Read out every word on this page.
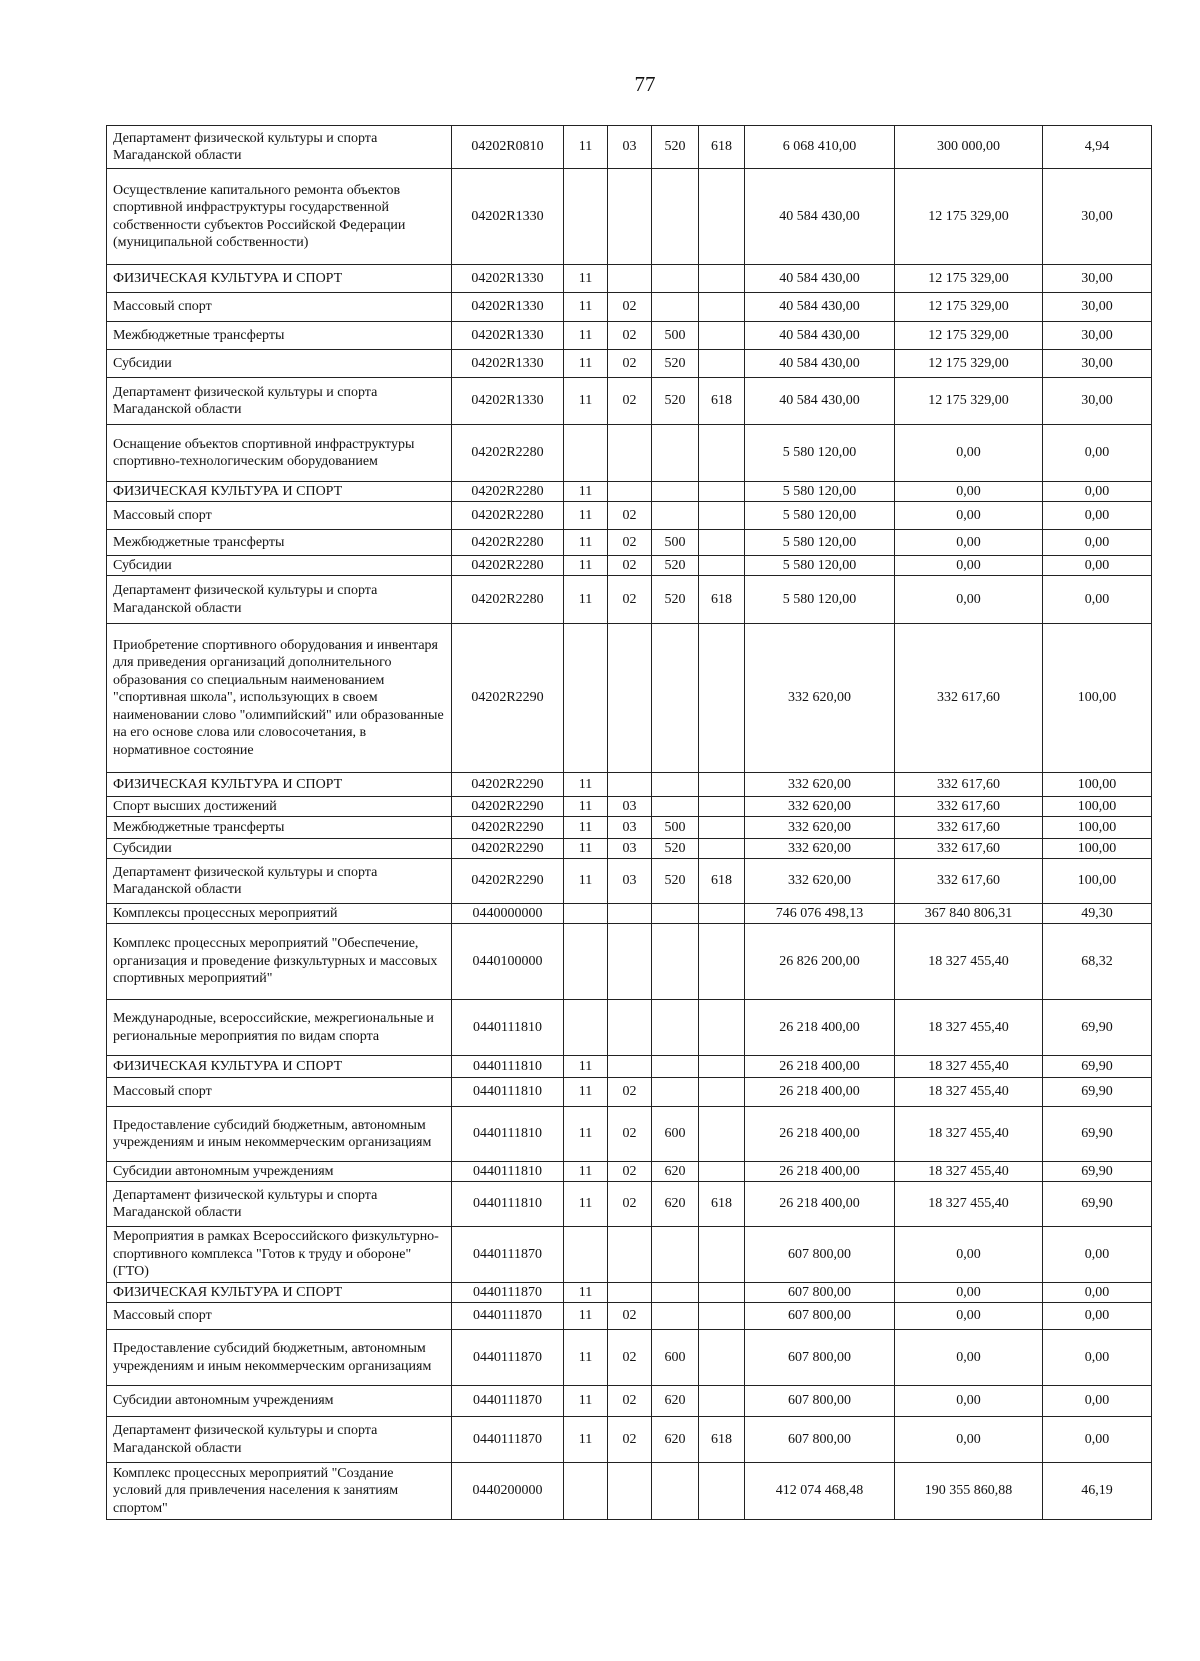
77
Департамент физической культуры и спорта Магаданской области	04202R0810	11	03	520	618	6 068 410,00	300 000,00	4,94
Осуществление капитального ремонта объектов спортивной инфраструктуры государственной собственности субъектов Российской Федерации (муниципальной собственности)	04202R1330					40 584 430,00	12 175 329,00	30,00
ФИЗИЧЕСКАЯ КУЛЬТУРА И СПОРТ	04202R1330	11				40 584 430,00	12 175 329,00	30,00
Массовый спорт	04202R1330	11	02			40 584 430,00	12 175 329,00	30,00
Межбюджетные трансферты	04202R1330	11	02	500		40 584 430,00	12 175 329,00	30,00
Субсидии	04202R1330	11	02	520		40 584 430,00	12 175 329,00	30,00
Департамент физической культуры и спорта Магаданской области	04202R1330	11	02	520	618	40 584 430,00	12 175 329,00	30,00
Оснащение объектов спортивной инфраструктуры спортивно-технологическим оборудованием	04202R2280					5 580 120,00	0,00	0,00
ФИЗИЧЕСКАЯ КУЛЬТУРА И СПОРТ	04202R2280	11				5 580 120,00	0,00	0,00
Массовый спорт	04202R2280	11	02			5 580 120,00	0,00	0,00
Межбюджетные трансферты	04202R2280	11	02	500		5 580 120,00	0,00	0,00
Субсидии	04202R2280	11	02	520		5 580 120,00	0,00	0,00
Департамент физической культуры и спорта Магаданской области	04202R2280	11	02	520	618	5 580 120,00	0,00	0,00
Приобретение спортивного оборудования и инвентаря для приведения организаций дополнительного образования со специальным наименованием "спортивная школа", использующих в своем наименовании слово "олимпийский" или образованные на его основе слова или словосочетания, в нормативное состояние	04202R2290					332 620,00	332 617,60	100,00
ФИЗИЧЕСКАЯ КУЛЬТУРА И СПОРТ	04202R2290	11				332 620,00	332 617,60	100,00
Спорт высших достижений	04202R2290	11	03			332 620,00	332 617,60	100,00
Межбюджетные трансферты	04202R2290	11	03	500		332 620,00	332 617,60	100,00
Субсидии	04202R2290	11	03	520		332 620,00	332 617,60	100,00
Департамент физической культуры и спорта Магаданской области	04202R2290	11	03	520	618	332 620,00	332 617,60	100,00
Комплексы процессных мероприятий	0440000000					746 076 498,13	367 840 806,31	49,30
Комплекс процессных мероприятий "Обеспечение, организация и проведение физкультурных и массовых спортивных мероприятий"	0440100000					26 826 200,00	18 327 455,40	68,32
Международные, всероссийские, межрегиональные и региональные мероприятия по видам спорта	0440111810					26 218 400,00	18 327 455,40	69,90
ФИЗИЧЕСКАЯ КУЛЬТУРА И СПОРТ	0440111810	11				26 218 400,00	18 327 455,40	69,90
Массовый спорт	0440111810	11	02			26 218 400,00	18 327 455,40	69,90
Предоставление субсидий бюджетным, автономным учреждениям и иным некоммерческим организациям	0440111810	11	02	600		26 218 400,00	18 327 455,40	69,90
Субсидии автономным учреждениям	0440111810	11	02	620		26 218 400,00	18 327 455,40	69,90
Департамент физической культуры и спорта Магаданской области	0440111810	11	02	620	618	26 218 400,00	18 327 455,40	69,90
Мероприятия в рамках Всероссийского физкультурно-спортивного комплекса "Готов к труду и обороне" (ГТО)	0440111870					607 800,00	0,00	0,00
ФИЗИЧЕСКАЯ КУЛЬТУРА И СПОРТ	0440111870	11				607 800,00	0,00	0,00
Массовый спорт	0440111870	11	02			607 800,00	0,00	0,00
Предоставление субсидий бюджетным, автономным учреждениям и иным некоммерческим организациям	0440111870	11	02	600		607 800,00	0,00	0,00
Субсидии автономным учреждениям	0440111870	11	02	620		607 800,00	0,00	0,00
Департамент физической культуры и спорта Магаданской области	0440111870	11	02	620	618	607 800,00	0,00	0,00
Комплекс процессных мероприятий "Создание условий для привлечения населения к занятиям спортом"	0440200000					412 074 468,48	190 355 860,88	46,19
